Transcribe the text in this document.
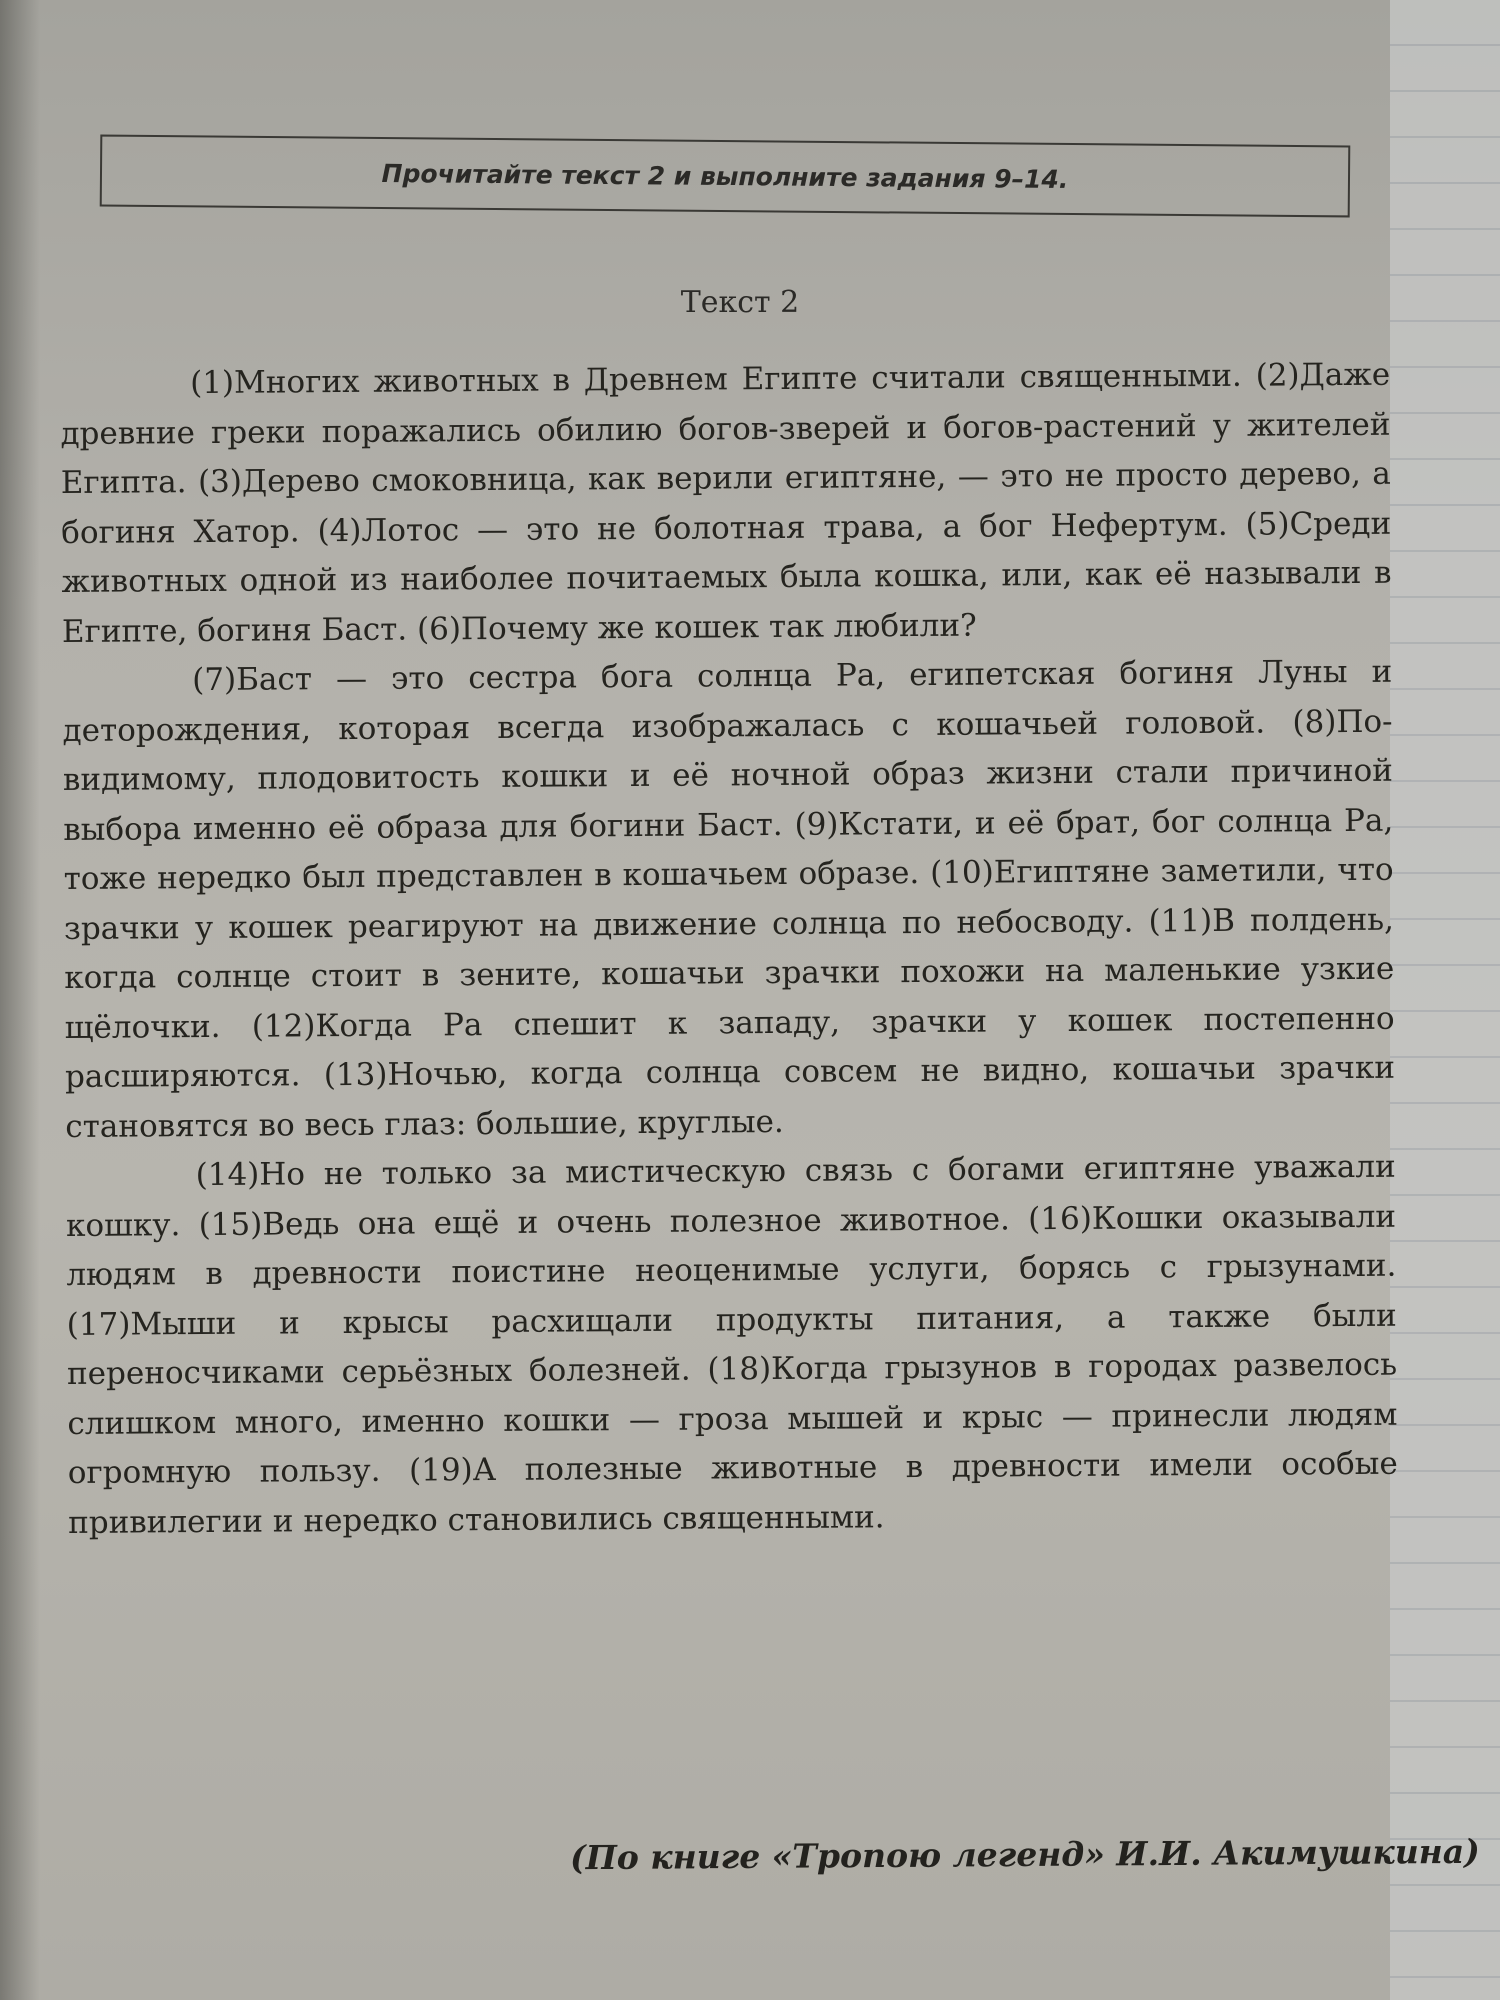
Прочитайте текст 2 и выполните задания 9–14.
Текст 2

(1)Многих животных в Древнем Египте считали священными. (2)Даже древние греки поражались обилию богов-зверей и богов-растений у жителей Египта. (3)Дерево смоковница, как верили египтяне, — это не просто дерево, а богиня Хатор. (4)Лотос — это не болотная трава, а бог Нефертум. (5)Среди животных одной из наиболее почитаемых была кошка, или, как её называли в Египте, богиня Баст. (6)Почему же кошек так любили?

(7)Баст — это сестра бога солнца Ра, египетская богиня Луны и деторождения, которая всегда изображалась с кошачьей головой. (8)По-видимому, плодовитость кошки и её ночной образ жизни стали причиной выбора именно её образа для богини Баст. (9)Кстати, и её брат, бог солнца Ра, тоже нередко был представлен в кошачьем образе. (10)Египтяне заметили, что зрачки у кошек реагируют на движение солнца по небосводу. (11)В полдень, когда солнце стоит в зените, кошачьи зрачки похожи на маленькие узкие щёлочки. (12)Когда Ра спешит к западу, зрачки у кошек постепенно расширяются. (13)Ночью, когда солнца совсем не видно, кошачьи зрачки становятся во весь глаз: большие, круглые.

(14)Но не только за мистическую связь с богами египтяне уважали кошку. (15)Ведь она ещё и очень полезное животное. (16)Кошки оказывали людям в древности поистине неоценимые услуги, борясь с грызунами. (17)Мыши и крысы расхищали продукты питания, а также были переносчиками серьёзных болезней. (18)Когда грызунов в городах развелось слишком много, именно кошки — гроза мышей и крыс — принесли людям огромную пользу. (19)А полезные животные в древности имели особые привилегии и нередко становились священными.

(По книге «Тропою легенд» И.И. Акимушкина)
